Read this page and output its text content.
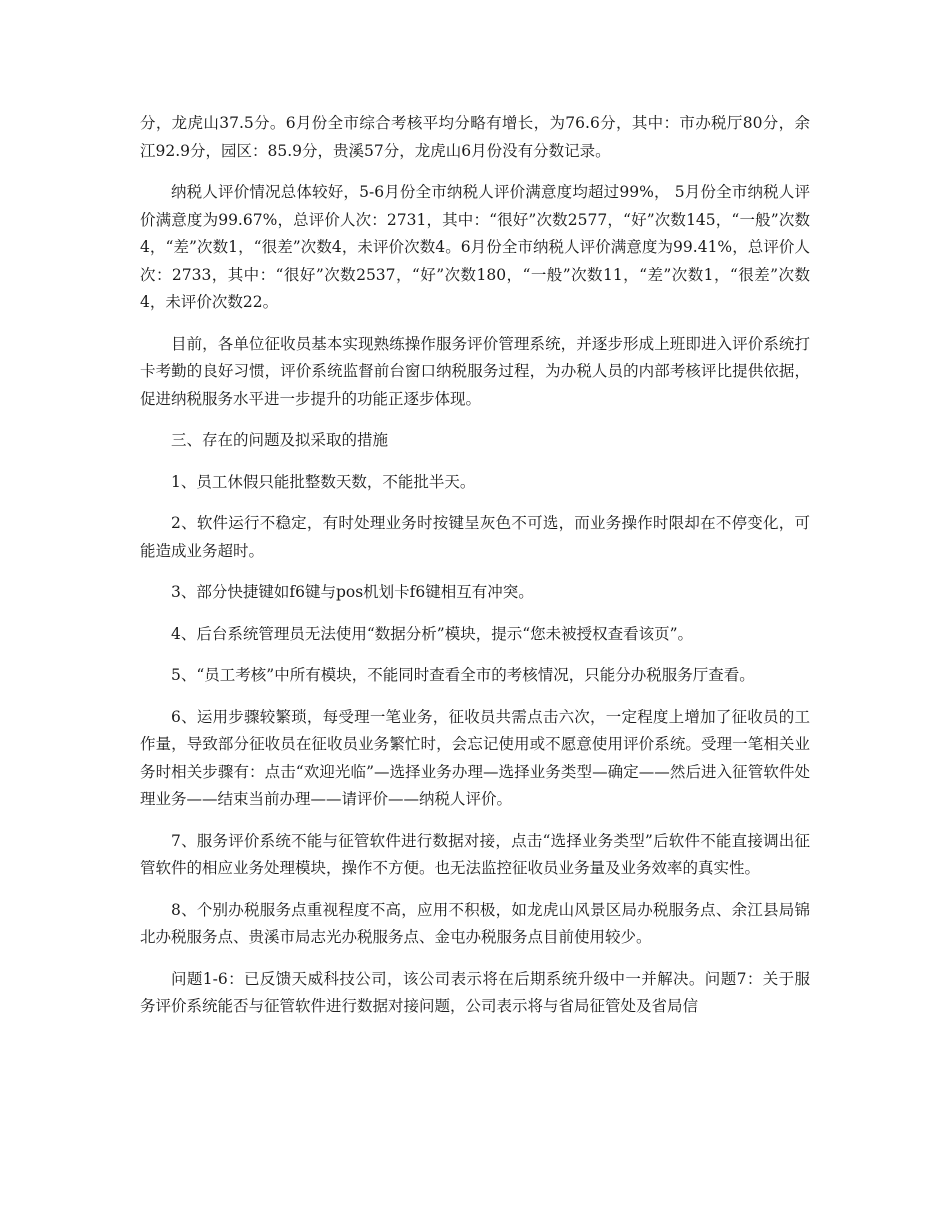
分，龙虎山37.5分。6月份全市综合考核平均分略有增长，为76.6分，其中：市办税厅80分，余江92.9分，园区：85.9分，贵溪57分，龙虎山6月份没有分数记录。

纳税人评价情况总体较好，5-6月份全市纳税人评价满意度均超过99%， 5月份全市纳税人评价满意度为99.67%，总评价人次：2731，其中：“很好”次数2577，“好”次数145，“一般”次数4，“差”次数1，“很差”次数4，未评价次数4。6月份全市纳税人评价满意度为99.41%，总评价人次：2733，其中：“很好”次数2537，“好”次数180，“一般”次数11，“差”次数1，“很差”次数4，未评价次数22。

目前，各单位征收员基本实现熟练操作服务评价管理系统，并逐步形成上班即进入评价系统打卡考勤的良好习惯，评价系统监督前台窗口纳税服务过程，为办税人员的内部考核评比提供依据，促进纳税服务水平进一步提升的功能正逐步体现。

三、存在的问题及拟采取的措施

1、员工休假只能批整数天数，不能批半天。

2、软件运行不稳定，有时处理业务时按键呈灰色不可选，而业务操作时限却在不停变化，可能造成业务超时。

3、部分快捷键如f6键与pos机划卡f6键相互有冲突。

4、后台系统管理员无法使用“数据分析”模块，提示“您未被授权查看该页”。

5、“员工考核”中所有模块，不能同时查看全市的考核情况，只能分办税服务厅查看。

6、运用步骤较繁琐，每受理一笔业务，征收员共需点击六次，一定程度上增加了征收员的工作量，导致部分征收员在征收员业务繁忙时，会忘记使用或不愿意使用评价系统。受理一笔相关业务时相关步骤有：点击“欢迎光临”—选择业务办理—选择业务类型—确定——然后进入征管软件处理业务——结束当前办理——请评价——纳税人评价。

7、服务评价系统不能与征管软件进行数据对接，点击“选择业务类型”后软件不能直接调出征管软件的相应业务处理模块，操作不方便。也无法监控征收员业务量及业务效率的真实性。

8、个别办税服务点重视程度不高，应用不积极，如龙虎山风景区局办税服务点、余江县局锦北办税服务点、贵溪市局志光办税服务点、金屯办税服务点目前使用较少。

问题1-6：已反馈天威科技公司，该公司表示将在后期系统升级中一并解决。问题7：关于服务评价系统能否与征管软件进行数据对接问题，公司表示将与省局征管处及省局信
